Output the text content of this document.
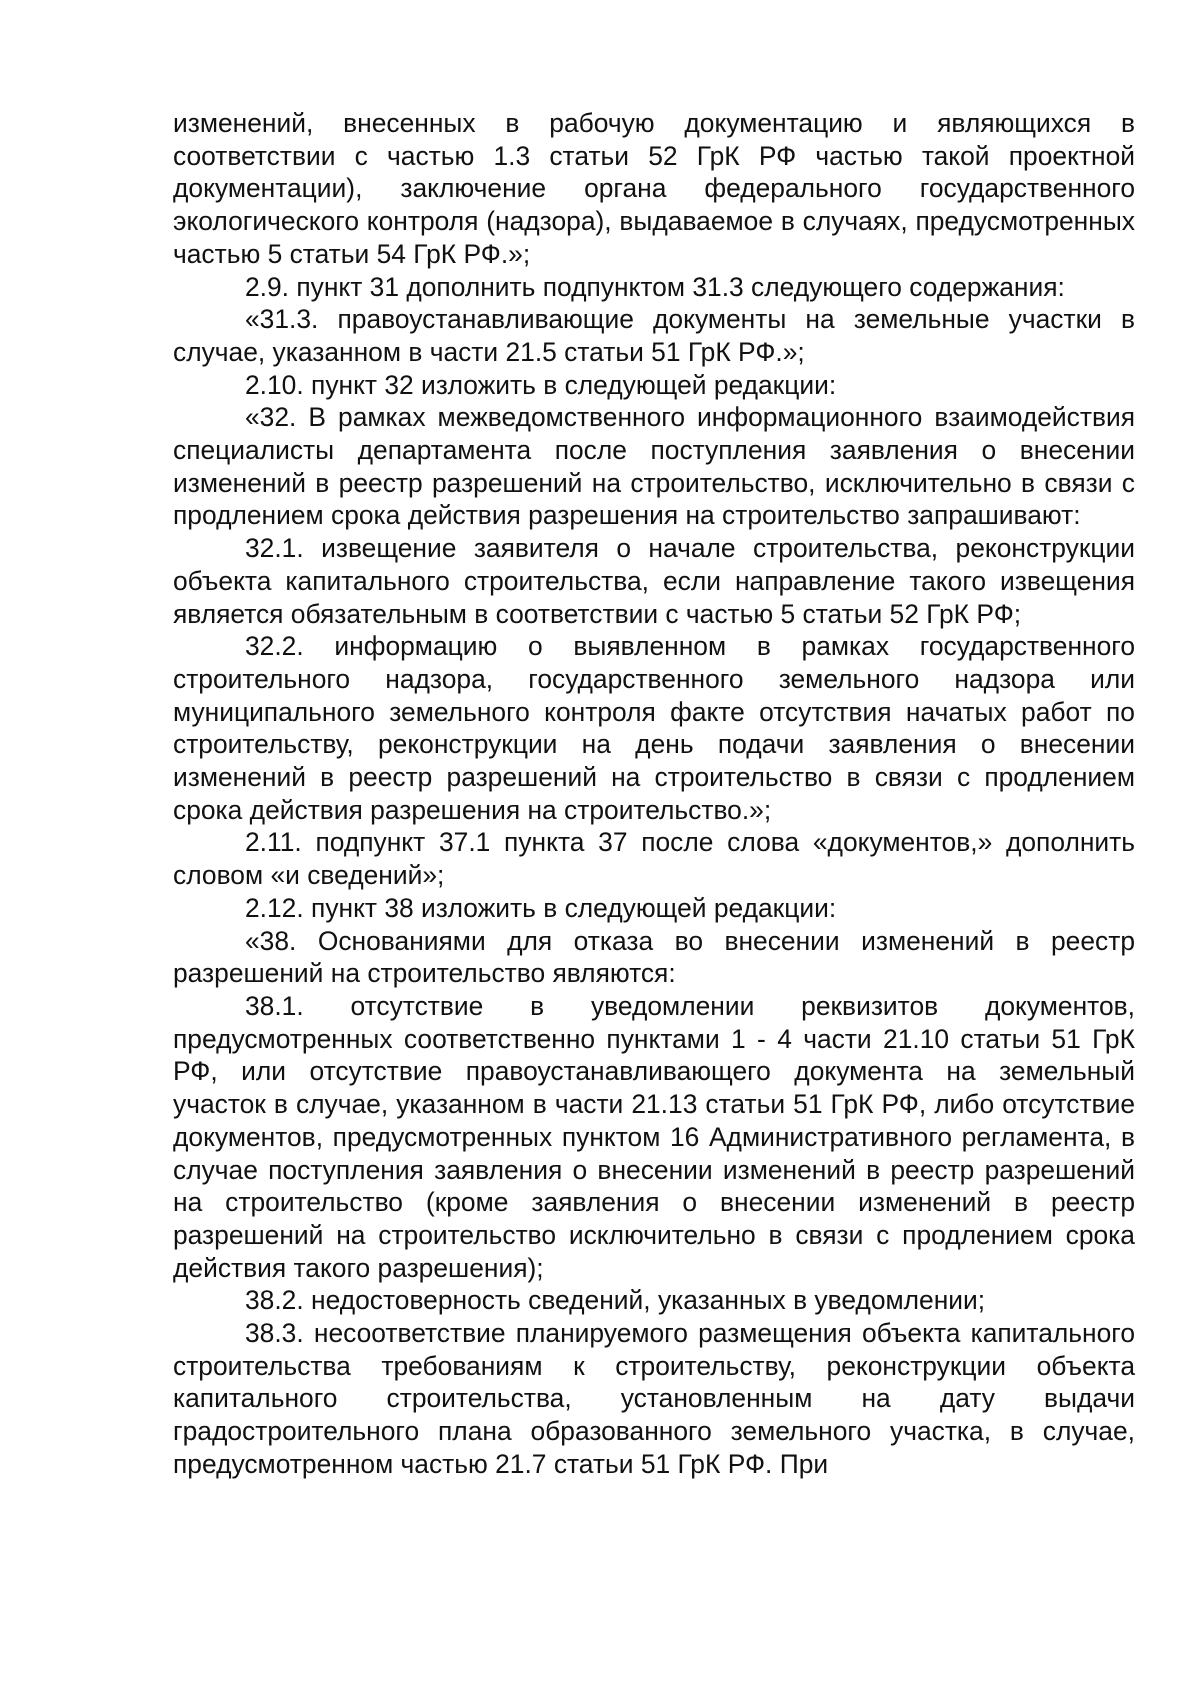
изменений, внесенных в рабочую документацию и являющихся в соответствии с частью 1.3 статьи 52 ГрК РФ частью такой проектной документации), заключение органа федерального государственного экологического контроля (надзора), выдаваемое в случаях, предусмотренных частью 5 статьи 54 ГрК РФ.»;

2.9. пункт 31 дополнить подпунктом 31.3 следующего содержания:

«31.3. правоустанавливающие документы на земельные участки в случае, указанном в части 21.5 статьи 51 ГрК РФ.»;

2.10. пункт 32 изложить в следующей редакции:

«32. В рамках межведомственного информационного взаимодействия специалисты департамента после поступления заявления о внесении изменений в реестр разрешений на строительство, исключительно в связи с продлением срока действия разрешения на строительство запрашивают:

32.1. извещение заявителя о начале строительства, реконструкции объекта капитального строительства, если направление такого извещения является обязательным в соответствии с частью 5 статьи 52 ГрК РФ;

32.2. информацию о выявленном в рамках государственного строительного надзора, государственного земельного надзора или муниципального земельного контроля факте отсутствия начатых работ по строительству, реконструкции на день подачи заявления о внесении изменений в реестр разрешений на строительство в связи с продлением срока действия разрешения на строительство.»;

2.11. подпункт 37.1 пункта 37 после слова «документов,» дополнить словом «и сведений»;

2.12. пункт 38 изложить в следующей редакции:

«38. Основаниями для отказа во внесении изменений в реестр разрешений на строительство являются:

38.1. отсутствие в уведомлении реквизитов документов, предусмотренных соответственно пунктами 1 - 4 части 21.10 статьи 51 ГрК РФ, или отсутствие правоустанавливающего документа на земельный участок в случае, указанном в части 21.13 статьи 51 ГрК РФ, либо отсутствие документов, предусмотренных пунктом 16 Административного регламента, в случае поступления заявления о внесении изменений в реестр разрешений на строительство (кроме заявления о внесении изменений в реестр разрешений на строительство исключительно в связи с продлением срока действия такого разрешения);

38.2. недостоверность сведений, указанных в уведомлении;

38.3. несоответствие планируемого размещения объекта капитального строительства требованиям к строительству, реконструкции объекта капитального строительства, установленным на дату выдачи градостроительного плана образованного земельного участка, в случае, предусмотренном частью 21.7 статьи 51 ГрК РФ. При
